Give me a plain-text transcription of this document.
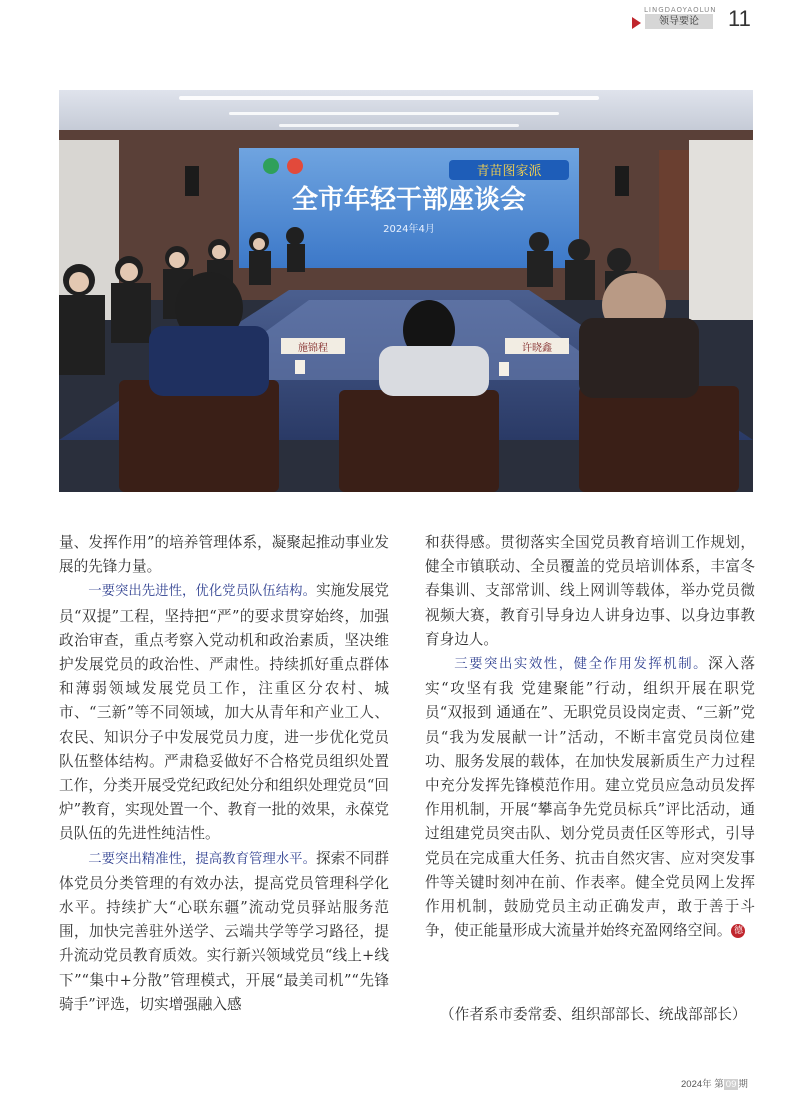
LINGDAOYAOLUN
领导要论	11
青苗图家派
全市年轻干部座谈会
2024年4月
施锦程	许晓鑫

量、发挥作用”的培养管理体系，凝聚起推动事业发展的先锋力量。

一要突出先进性，优化党员队伍结构。实施发展党员“双提”工程，坚持把“严”的要求贯穿始终，加强政治审查，重点考察入党动机和政治素质，坚决维护发展党员的政治性、严肃性。持续抓好重点群体和薄弱领域发展党员工作，注重区分农村、城市、“三新”等不同领域，加大从青年和产业工人、农民、知识分子中发展党员力度，进一步优化党员队伍整体结构。严肃稳妥做好不合格党员组织处置工作，分类开展受党纪政纪处分和组织处理党员“回炉”教育，实现处置一个、教育一批的效果，永葆党员队伍的先进性纯洁性。

二要突出精准性，提高教育管理水平。探索不同群体党员分类管理的有效办法，提高党员管理科学化水平。持续扩大“心联东疆”流动党员驿站服务范围，加快完善驻外送学、云端共学等学习路径，提升流动党员教育质效。实行新兴领域党员“线上+线下”“集中+分散”管理模式，开展“最美司机”“先锋骑手”评选，切实增强融入感

和获得感。贯彻落实全国党员教育培训工作规划，健全市镇联动、全员覆盖的党员培训体系，丰富冬春集训、支部常训、线上网训等载体，举办党员微视频大赛，教育引导身边人讲身边事、以身边事教育身边人。

三要突出实效性，健全作用发挥机制。深入落实“攻坚有我 党建聚能”行动，组织开展在职党员“双报到 通通在”、无职党员设岗定责、“三新”党员“我为发展献一计”活动，不断丰富党员岗位建功、服务发展的载体，在加快发展新质生产力过程中充分发挥先锋模范作用。建立党员应急动员发挥作用机制，开展“攀高争先党员标兵”评比活动，通过组建党员突击队、划分党员责任区等形式，引导党员在完成重大任务、抗击自然灾害、应对突发事件等关键时刻冲在前、作表率。健全党员网上发挥作用机制，鼓励党员主动正确发声，敢于善于斗争，使正能量形成大流量并始终充盈网络空间。 德

（作者系市委常委、组织部部长、统战部部长）
2024年 第 09 期
